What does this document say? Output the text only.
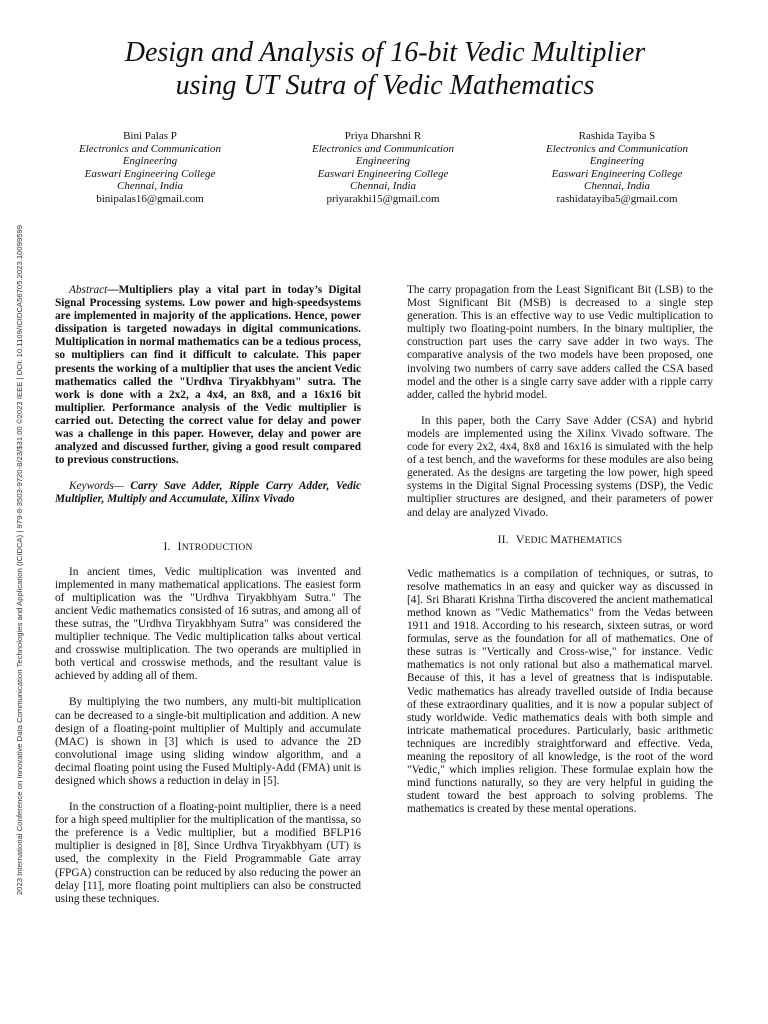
2023 International Conference on Innovative Data Communication Technologies and Application (ICIDCA) | 979-8-3503-9720-8/23/$31.00 ©2023 IEEE | DOI: 10.1109/ICIDCA56705.2023.10099599
Design and Analysis of 16-bit Vedic Multiplier
using UT Sutra of Vedic Mathematics
Bini Palas P
Electronics and Communication
Engineering
Easwari Engineering College
Chennai, India
binipalas16@gmail.com
Priya Dharshni R
Electronics and Communication
Engineering
Easwari Engineering College
Chennai, India
priyarakhi15@gmail.com
Rashida Tayiba S
Electronics and Communication
Engineering
Easwari Engineering College
Chennai, India
rashidatayiba5@gmail.com

Abstract—Multipliers play a vital part in today’s Digital Signal Processing systems. Low power and high-speedsystems are implemented in majority of the applications. Hence, power dissipation is targeted nowadays in digital communications. Multiplication in normal mathematics can be a tedious process, so multipliers can find it difficult to calculate. This paper presents the working of a multiplier that uses the ancient Vedic mathematics called the "Urdhva Tiryakbhyam" sutra. The work is done with a 2x2, a 4x4, an 8x8, and a 16x16 bit multiplier. Performance analysis of the Vedic multiplier is carried out. Detecting the correct value for delay and power was a challenge in this paper. However, delay and power are analyzed and discussed further, giving a good result compared to previous constructions.

Keywords— Carry Save Adder, Ripple Carry Adder, Vedic Multiplier, Multiply and Accumulate, Xilinx Vivado

I. INTRODUCTION

In ancient times, Vedic multiplication was invented and implemented in many mathematical applications. The easiest form of multiplication was the "Urdhva Tiryakbhyam Sutra." The ancient Vedic mathematics consisted of 16 sutras, and among all of these sutras, the "Urdhva Tiryakbhyam Sutra" was considered the multiplier technique. The Vedic multiplication talks about vertical and crosswise multiplication. The two operands are multiplied in both vertical and crosswise methods, and the resultant value is achieved by adding all of them.

By multiplying the two numbers, any multi-bit multiplication can be decreased to a single-bit multiplication and addition. A new design of a floating-point multiplier of Multiply and accumulate (MAC) is shown in [3] which is used to advance the 2D convolutional image using sliding window algorithm, and a decimal floating point using the Fused Multiply-Add (FMA) unit is designed which shows a reduction in delay in [5].

In the construction of a floating-point multiplier, there is a need for a high speed multiplier for the multiplication of the mantissa, so the preference is a Vedic multiplier, but a modified BFLP16 multiplier is designed in [8], Since Urdhva Tiryakbhyam (UT) is used, the complexity in the Field Programmable Gate array (FPGA) construction can be reduced by also reducing the power an delay [11], more floating point multipliers can also be constructed using these techniques.

The carry propagation from the Least Significant Bit (LSB) to the Most Significant Bit (MSB) is decreased to a single step generation. This is an effective way to use Vedic multiplication to multiply two floating-point numbers. In the binary multiplier, the construction part uses the carry save adder in two ways. The comparative analysis of the two models have been proposed, one involving two numbers of carry save adders called the CSA based model and the other is a single carry save adder with a ripple carry adder, called the hybrid model.

In this paper, both the Carry Save Adder (CSA) and hybrid models are implemented using the Xilinx Vivado software. The code for every 2x2, 4x4, 8x8 and 16x16 is simulated with the help of a test bench, and the waveforms for these modules are also being generated. As the designs are targeting the low power, high speed systems in the Digital Signal Processing systems (DSP), the Vedic multiplier structures are designed, and their parameters of power and delay are analyzed Vivado.

II. VEDIC MATHEMATICS

Vedic mathematics is a compilation of techniques, or sutras, to resolve mathematics in an easy and quicker way as discussed in [4]. Sri Bharati Krishna Tirtha discovered the ancient mathematical method known as "Vedic Mathematics" from the Vedas between 1911 and 1918. According to his research, sixteen sutras, or word formulas, serve as the foundation for all of mathematics. One of these sutras is "Vertically and Cross-wise," for instance. Vedic mathematics is not only rational but also a mathematical marvel. Because of this, it has a level of greatness that is indisputable. Vedic mathematics has already travelled outside of India because of these extraordinary qualities, and it is now a popular subject of study worldwide. Vedic mathematics deals with both simple and intricate mathematical procedures. Particularly, basic arithmetic techniques are incredibly straightforward and effective. Veda, meaning the repository of all knowledge, is the root of the word "Vedic," which implies religion. These formulae explain how the mind functions naturally, so they are very helpful in guiding the student toward the best approach to solving problems. The mathematics is created by these mental operations.
